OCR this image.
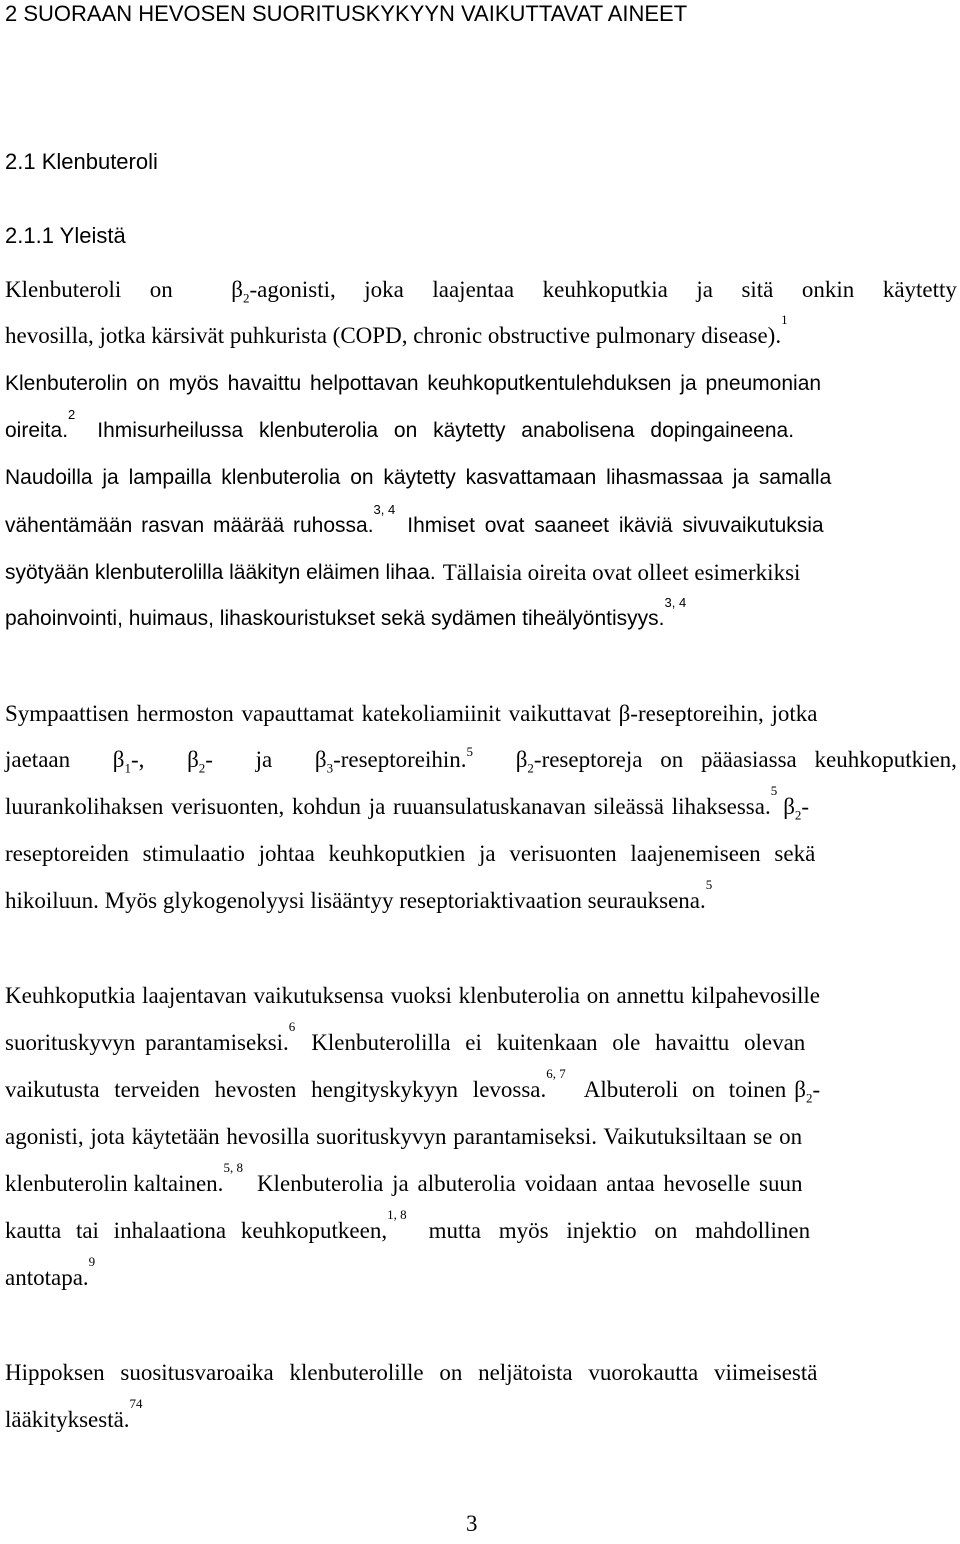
2 SUORAAN HEVOSEN SUORITUSKYKYYN VAIKUTTAVAT AINEET
2.1 Klenbuteroli
2.1.1 Yleistä
Klenbuteroli on	$\beta_2$-agonisti, joka laajentaa keuhkoputkia ja sitä onkin käytetty
hevosilla, jotka kärsivät puhkurista (COPD, chronic obstructive pulmonary disease).
$^1$
Klenbuterolin on myös havaittu helpottavan keuhkoputkentulehduksen ja pneumonian
oireita.
$^2$
Ihmisurheilussa klenbuterolia on käytetty anabolisena dopingaineena.
Naudoilla ja lampailla klenbuterolia on käytetty kasvattamaan lihasmassaa ja samalla
vähentämään rasvan määrää ruhossa.
$^{3, 4}$
Ihmiset ovat saaneet ikäviä sivuvaikutuksia
syötyään klenbuterolilla lääkityn eläimen lihaa. Tällaisia oireita ovat olleet esimerkiksi
pahoinvointi, huimaus, lihaskouristukset sekä sydämen tiheälyöntisyys.
$^{3, 4}$
Sympaattisen hermoston vapauttamat katekoliamiinit vaikuttavat β-reseptoreihin, jotka
jaetaan $\beta_1-$, $\beta_2-$ ja $\beta_3-reseptoreihin.^5$ $\beta_2$-reseptoreja on pääasiassa keuhkoputkien,
luurankolihaksen verisuonten, kohdun ja ruuansulatuskanavan sileässä lihaksessa.
$^5$
$\beta_2-$
reseptoreiden stimulaatio johtaa keuhkoputkien ja verisuonten laajenemiseen sekä
hikoiluun. Myös glykogenolyysi lisääntyy reseptoriaktivaation seurauksena.
$^5$
Keuhkoputkia laajentavan vaikutuksensa vuoksi klenbuterolia on annettu kilpahevosille
suorituskyvyn parantamiseksi.
$^6$
Klenbuterolilla ei kuitenkaan ole havaittu olevan
vaikutusta terveiden hevosten hengityskykyyn levossa.
$^{6, 7}$
Albuteroli on toinen $\beta_2-$
agonisti, jota käytetään hevosilla suorituskyvyn parantamiseksi. Vaikutuksiltaan se on
klenbuterolin kaltainen.
$^{5, 8}$
Klenbuterolia ja albuterolia voidaan antaa hevoselle suun
kautta tai inhalaationa keuhkoputkeen,
$^{1, 8}$
mutta myös injektio on mahdollinen
antotapa.
$^9$
Hippoksen suositusvaroaika klenbuterolille on neljätoista vuorokautta viimeisestä
lääkityksestä.
$^{74}$
3
